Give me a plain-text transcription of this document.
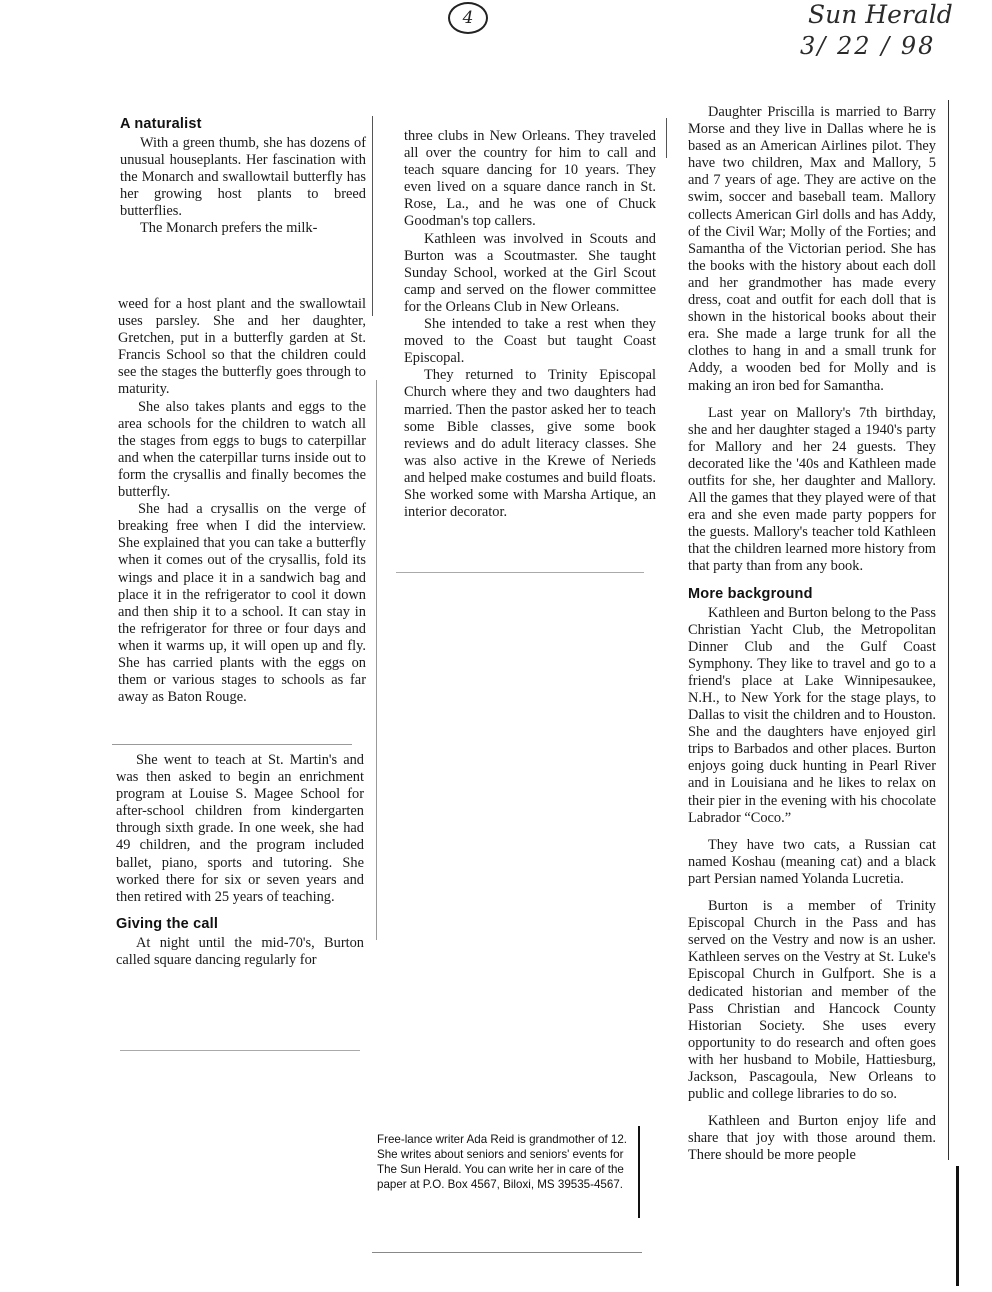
4	Sun Herald
3/ 22 / 98
A naturalist

With a green thumb, she has dozens of unusual houseplants. Her fascination with the Monarch and swallowtail butterfly has her growing host plants to breed butterflies.

The Monarch prefers the milk-

weed for a host plant and the swallowtail uses parsley. She and her daughter, Gretchen, put in a butterfly garden at St. Francis School so that the children could see the stages the butterfly goes through to maturity.

She also takes plants and eggs to the area schools for the children to watch all the stages from eggs to bugs to caterpillar and when the caterpillar turns inside out to form the crysallis and finally becomes the butterfly.

She had a crysallis on the verge of breaking free when I did the interview. She explained that you can take a butterfly when it comes out of the crysallis, fold its wings and place it in a sandwich bag and place it in the refrigerator to cool it down and then ship it to a school. It can stay in the refrigerator for three or four days and when it warms up, it will open up and fly. She has carried plants with the eggs on them or various stages to schools as far away as Baton Rouge.

She went to teach at St. Martin's and was then asked to begin an enrichment program at Louise S. Magee School for after-school children from kindergarten through sixth grade. In one week, she had 49 children, and the program included ballet, piano, sports and tutoring. She worked there for six or seven years and then retired with 25 years of teaching.

Giving the call

At night until the mid-70's, Burton called square dancing regularly for

three clubs in New Orleans. They traveled all over the country for him to call and teach square dancing for 10 years. They even lived on a square dance ranch in St. Rose, La., and he was one of Chuck Goodman's top callers.

Kathleen was involved in Scouts and Burton was a Scoutmaster. She taught Sunday School, worked at the Girl Scout camp and served on the flower committee for the Orleans Club in New Orleans.

She intended to take a rest when they moved to the Coast but taught Coast Episcopal.

They returned to Trinity Episcopal Church where they and two daughters had married. Then the pastor asked her to teach some Bible classes, give some book reviews and do adult literacy classes. She was also active in the Krewe of Nerieds and helped make costumes and build floats. She worked some with Marsha Artique, an interior decorator.

Free-lance writer Ada Reid is grandmother of 12. She writes about seniors and seniors' events for The Sun Herald. You can write her in care of the paper at P.O. Box 4567, Biloxi, MS 39535-4567.

Daughter Priscilla is married to Barry Morse and they live in Dallas where he is based as an American Airlines pilot. They have two children, Max and Mallory, 5 and 7 years of age. They are active on the swim, soccer and baseball team. Mallory collects American Girl dolls and has Addy, of the Civil War; Molly of the Forties; and Samantha of the Victorian period. She has the books with the history about each doll and her grandmother has made every dress, coat and outfit for each doll that is shown in the historical books about their era. She made a large trunk for all the clothes to hang in and a small trunk for Addy, a wooden bed for Molly and is making an iron bed for Samantha.

Last year on Mallory's 7th birthday, she and her daughter staged a 1940's party for Mallory and her 24 guests. They decorated like the '40s and Kathleen made outfits for she, her daughter and Mallory. All the games that they played were of that era and she even made party poppers for the guests. Mallory's teacher told Kathleen that the children learned more history from that party than from any book.

More background

Kathleen and Burton belong to the Pass Christian Yacht Club, the Metropolitan Dinner Club and the Gulf Coast Symphony. They like to travel and go to a friend's place at Lake Winnipesaukee, N.H., to New York for the stage plays, to Dallas to visit the children and to Houston. She and the daughters have enjoyed girl trips to Barbados and other places. Burton enjoys going duck hunting in Pearl River and in Louisiana and he likes to relax on their pier in the evening with his chocolate Labrador “Coco.”

They have two cats, a Russian cat named Koshau (meaning cat) and a black part Persian named Yolanda Lucretia.

Burton is a member of Trinity Episcopal Church in the Pass and has served on the Vestry and now is an usher. Kathleen serves on the Vestry at St. Luke's Episcopal Church in Gulfport. She is a dedicated historian and member of the Pass Christian and Hancock County Historian Society. She uses every opportunity to do research and often goes with her husband to Mobile, Hattiesburg, Jackson, Pascagoula, New Orleans to public and college libraries to do so.

Kathleen and Burton enjoy life and share that joy with those around them. There should be more people
